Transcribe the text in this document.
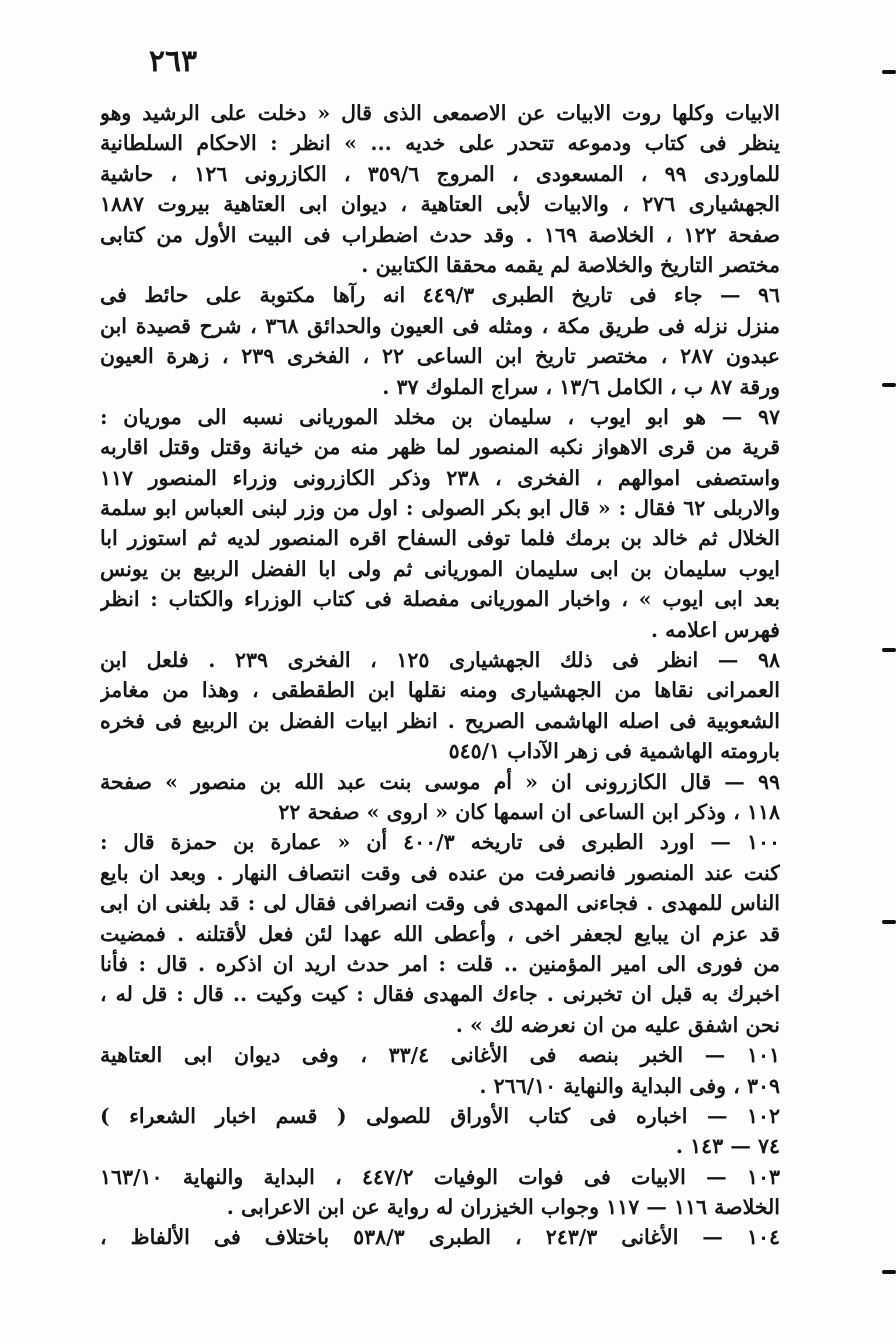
٢٦٣
الابيات وكلها روت الابيات عن الاصمعى الذى قال « دخلت على الرشيد وهو
ينظر فى كتاب ودموعه تتحدر على خديه ... » انظر : الاحكام السلطانية
للماوردى ٩٩ ، المسعودى ، المروج ٣٥٩/٦ ، الكازرونى ١٢٦ ، حاشية
الجهشيارى ٢٧٦ ، والابيات لأبى العتاهية ، ديوان ابى العتاهية بيروت ١٨٨٧
صفحة ١٢٢ ، الخلاصة ١٦٩ . وقد حدث اضطراب فى البيت الأول من كتابى
مختصر التاريخ والخلاصة لم يقمه محققا الكتابين .
٩٦ — جاء فى تاريخ الطبرى ٤٤٩/٣ انه رآها مكتوبة على حائط فى
منزل نزله فى طريق مكة ، ومثله فى العيون والحدائق ٣٦٨ ، شرح قصيدة ابن
عبدون ٢٨٧ ، مختصر تاريخ ابن الساعى ٢٢ ، الفخرى ٢٣٩ ، زهرة العيون
ورقة ٨٧ ب ، الكامل ١٣/٦ ، سراج الملوك ٣٧ .
٩٧ — هو ابو ايوب ، سليمان بن مخلد الموريانى نسبه الى موريان :
قرية من قرى الاهواز نكبه المنصور لما ظهر منه من خيانة وقتل وقتل اقاربه
واستصفى اموالهم ، الفخرى ، ٢٣٨ وذكر الكازرونى وزراء المنصور ١١٧
والاربلى ٦٢ فقال : « قال ابو بكر الصولى : اول من وزر لبنى العباس ابو سلمة
الخلال ثم خالد بن برمك فلما توفى السفاح اقره المنصور لديه ثم استوزر ابا
ايوب سليمان بن ابى سليمان الموريانى ثم ولى ابا الفضل الربيع بن يونس
بعد ابى ايوب » ، واخبار الموريانى مفصلة فى كتاب الوزراء والكتاب : انظر
فهرس اعلامه .
٩٨ — انظر فى ذلك الجهشيارى ١٢٥ ، الفخرى ٢٣٩ . فلعل ابن
العمرانى نقاها من الجهشيارى ومنه نقلها ابن الطقطقى ، وهذا من مغامز
الشعوبية فى اصله الهاشمى الصريح . انظر ابيات الفضل بن الربيع فى فخره
بارومته الهاشمية فى زهر الآداب ٥٤٥/١
٩٩ — قال الكازرونى ان « أم موسى بنت عبد الله بن منصور » صفحة
١١٨ ، وذكر ابن الساعى ان اسمها كان « اروى » صفحة ٢٢
١٠٠ — اورد الطبرى فى تاريخه ٤٠٠/٣ أن « عمارة بن حمزة قال :
كنت عند المنصور فانصرفت من عنده فى وقت انتصاف النهار . وبعد ان بايع
الناس للمهدى . فجاءنى المهدى فى وقت انصرافى فقال لى : قد بلغنى ان ابى
قد عزم ان يبايع لجعفر اخى ، وأعطى الله عهدا لئن فعل لأقتلنه . فمضيت
من فورى الى امير المؤمنين .. قلت : امر حدث اريد ان اذكره . قال : فأنا
اخبرك به قبل ان تخبرنى . جاءك المهدى فقال : كيت وكيت .. قال : قل له ،
نحن اشفق عليه من ان نعرضه لك » .
١٠١ — الخبر بنصه فى الأغانى ٣٣/٤ ، وفى ديوان ابى العتاهية
٣٠٩ ، وفى البداية والنهاية ٢٦٦/١٠ .
١٠٢ — اخباره فى كتاب الأوراق للصولى ( قسم اخبار الشعراء )
٧٤ — ١٤٣ .
١٠٣ — الابيات فى فوات الوفيات ٤٤٧/٢ ، البداية والنهاية ١٦٣/١٠
الخلاصة ١١٦ — ١١٧ وجواب الخيزران له رواية عن ابن الاعرابى .
١٠٤ — الأغانى ٢٤٣/٣ ، الطبرى ٥٣٨/٣ باختلاف فى الألفاظ ،
